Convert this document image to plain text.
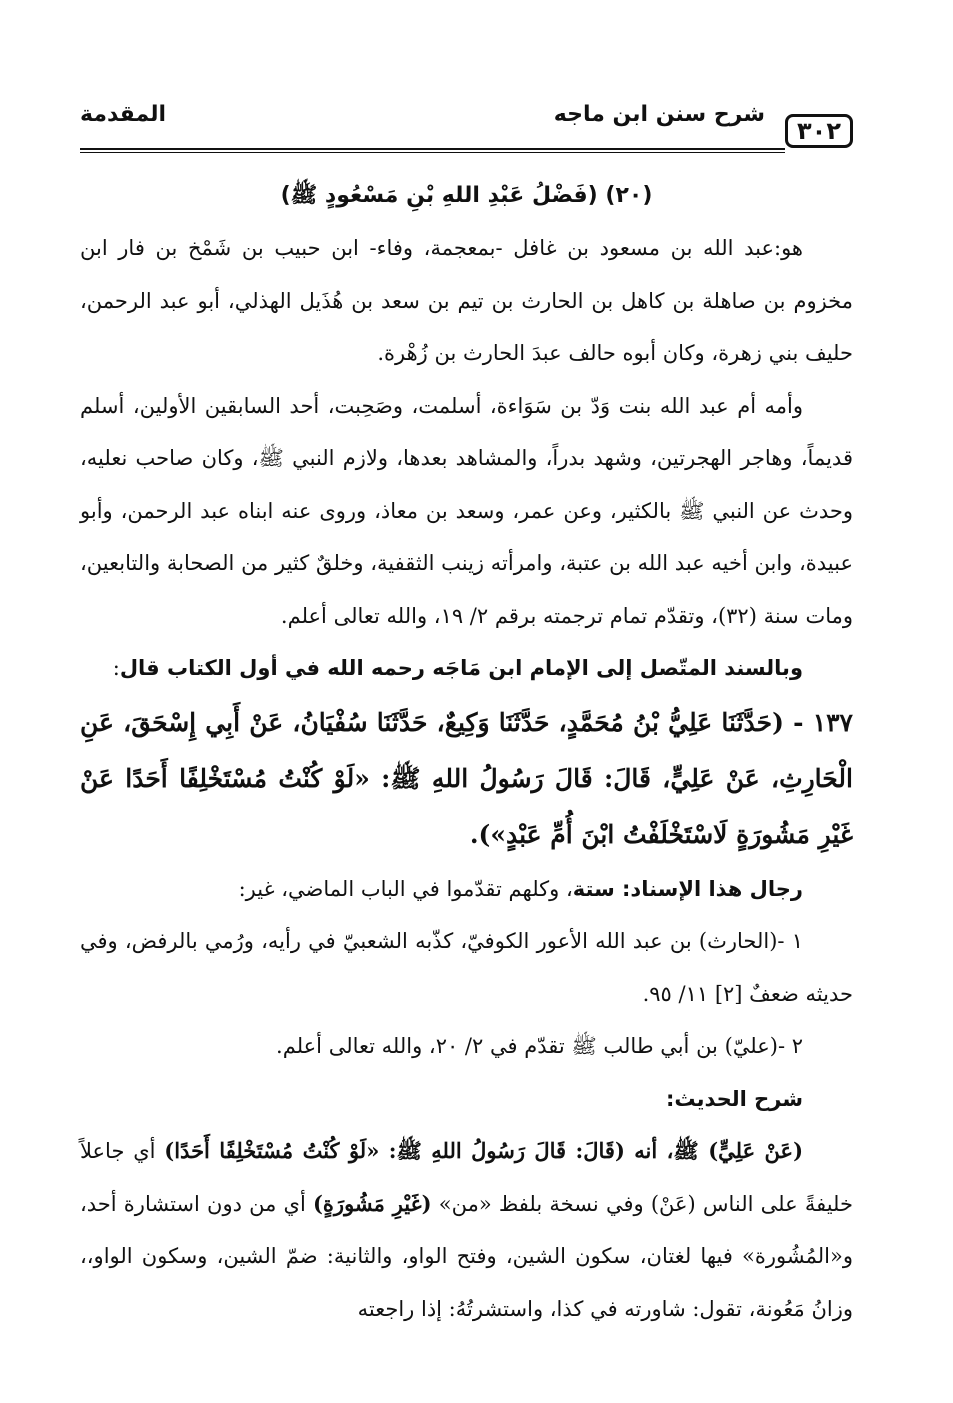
٣٠٢
شرح سنن ابن ماجه
المقدمة
(٢٠) (فَضْلُ عَبْدِ اللهِ بْنِ مَسْعُودٍ ﷺ)

هو:عبد الله بن مسعود بن غافل -بمعجمة، وفاء- ابن حبيب بن شَمْخ بن فار ابن مخزوم بن صاهلة بن كاهل بن الحارث بن تيم بن سعد بن هُذَيل الهذلي، أبو عبد الرحمن، حليف بني زهرة، وكان أبوه حالف عبدَ الحارث بن زُهْرة.

وأمه أم عبد الله بنت وَدّ بن سَوَاءة، أسلمت، وصَحِبت، أحد السابقين الأولين، أسلم قديماً، وهاجر الهجرتين، وشهد بدراً، والمشاهد بعدها، ولازم النبي ﷺ، وكان صاحب نعليه، وحدث عن النبي ﷺ بالكثير، وعن عمر، وسعد بن معاذ، وروى عنه ابناه عبد الرحمن، وأبو عبيدة، وابن أخيه عبد الله بن عتبة، وامرأته زينب الثقفية، وخلقٌ كثير من الصحابة والتابعين، ومات سنة (٣٢)، وتقدّم تمام ترجمته برقم ٢/ ١٩، والله تعالى أعلم.

وبالسند المتّصل إلى الإمام ابن مَاجَه رحمه الله في أول الكتاب قال:

١٣٧ - (حَدَّثَنَا عَلِيُّ بْنُ مُحَمَّدٍ، حَدَّثَنَا وَكِيعٌ، حَدَّثَنَا سُفْيَانُ، عَنْ أَبِي إِسْحَقَ، عَنِ الْحَارِثِ، عَنْ عَلِيٍّ، قَالَ: قَالَ رَسُولُ اللهِ ﷺ: «لَوْ كُنْتُ مُسْتَخْلِفًا أَحَدًا عَنْ غَيْرِ مَشُورَةٍ لَاسْتَخْلَفْتُ ابْنَ أُمِّ عَبْدٍ»).

رجال هذا الإسناد: ستة، وكلهم تقدّموا في الباب الماضي، غير:

١ -(الحارث) بن عبد الله الأعور الكوفيّ، كذّبه الشعبيّ في رأيه، ورُمي بالرفض، وفي حديثه ضعفٌ [٢] ١١/ ٩٥.

٢ -(عليّ) بن أبي طالب ﷺ تقدّم في ٢/ ٢٠، والله تعالى أعلم.

شرح الحديث:

(عَنْ عَلِيٍّ) ﷺ، أنه (قَالَ: قَالَ رَسُولُ اللهِ ﷺ: «لَوْ كُنْتُ مُسْتَخْلِفًا أَحَدًا) أي جاعلاً خليفةً على الناس (عَنْ) وفي نسخة بلفظ «من» (غَيْرِ مَشُورَةٍ) أي من دون استشارة أحد، و«المُشُورة» فيها لغتان، سكون الشين، وفتح الواو، والثانية: ضمّ الشين، وسكون الواو،، وزانُ مَعُونة، تقول: شاورته في كذا، واستشرتُهُ: إذا راجعته
